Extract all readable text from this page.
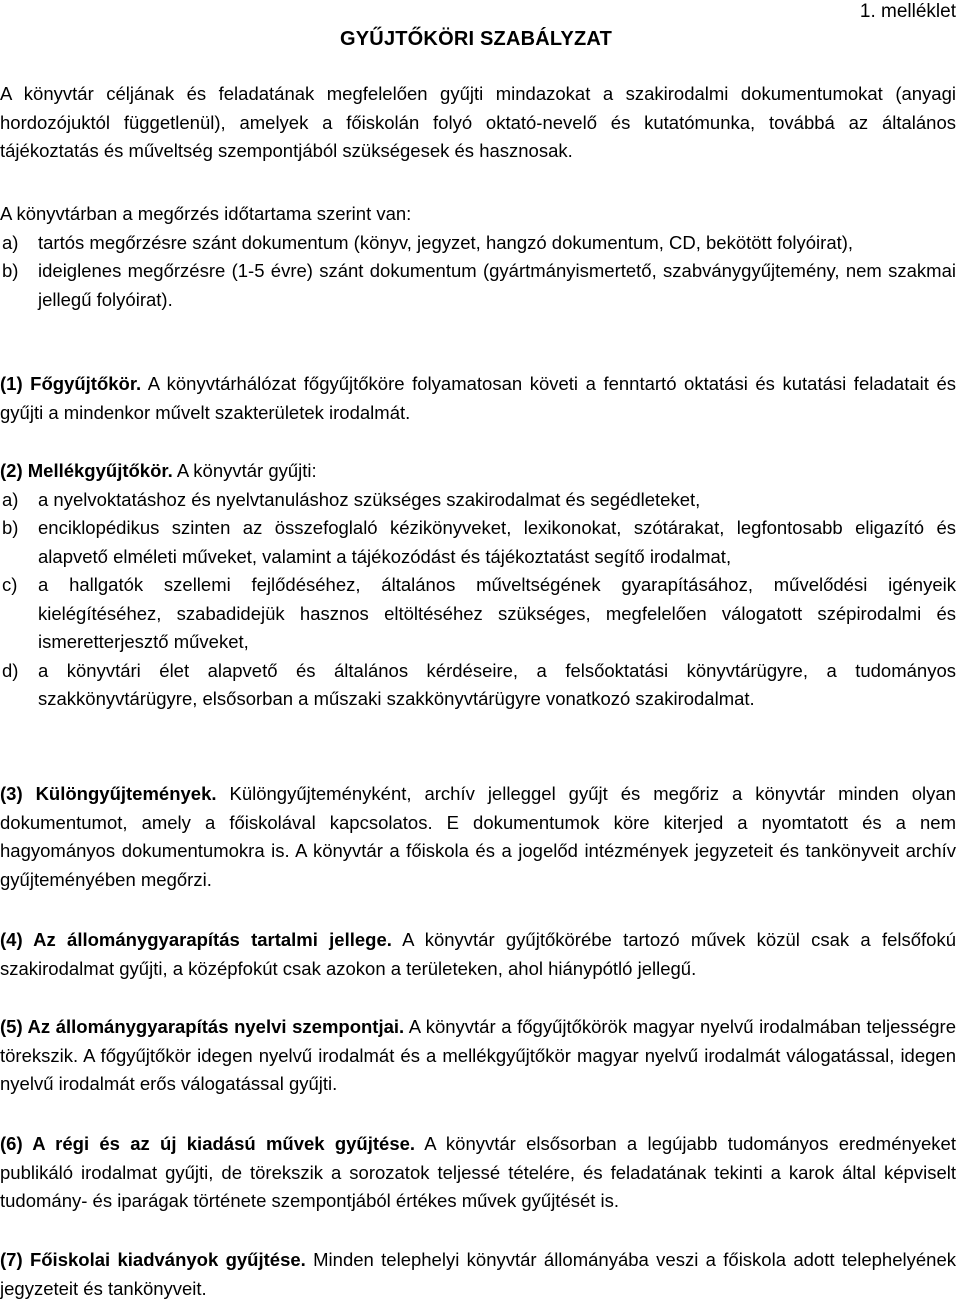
1. melléklet
GYŰJTŐKÖRI SZABÁLYZAT

A könyvtár céljának és feladatának megfelelően gyűjti mindazokat a szakirodalmi dokumentumokat (anyagi hordozójuktól függetlenül), amelyek a főiskolán folyó oktató-nevelő és kutatómunka, továbbá az általános tájékoztatás és műveltség szempontjából szükségesek és hasznosak.

A könyvtárban a megőrzés időtartama szerint van:
a)	tartós megőrzésre szánt dokumentum (könyv, jegyzet, hangzó dokumentum, CD, bekötött folyóirat),
b)	ideiglenes megőrzésre (1-5 évre) szánt dokumentum (gyártmányismertető, szabványgyűjtemény, nem szakmai jellegű folyóirat).

(1) Főgyűjtőkör. A könyvtárhálózat főgyűjtőköre folyamatosan követi a fenntartó oktatási és kutatási feladatait és gyűjti a mindenkor művelt szakterületek irodalmát.

(2) Mellékgyűjtőkör. A könyvtár gyűjti:
a)	a nyelvoktatáshoz és nyelvtanuláshoz szükséges szakirodalmat és segédleteket,
b)	enciklopédikus szinten az összefoglaló kézikönyveket, lexikonokat, szótárakat, legfontosabb eligazító és alapvető elméleti műveket, valamint a tájékozódást és tájékoztatást segítő irodalmat,
c)	a hallgatók szellemi fejlődéséhez, általános műveltségének gyarapításához, művelődési igényeik kielégítéséhez, szabadidejük hasznos eltöltéséhez szükséges, megfelelően válogatott szépirodalmi és ismeretterjesztő műveket,
d)	a könyvtári élet alapvető és általános kérdéseire, a felsőoktatási könyvtárügyre, a tudományos szakkönyvtárügyre, elsősorban a műszaki szakkönyvtárügyre vonatkozó szakirodalmat.

(3) Különgyűjtemények. Különgyűjteményként, archív jelleggel gyűjt és megőriz a könyvtár minden olyan dokumentumot, amely a főiskolával kapcsolatos. E dokumentumok köre kiterjed a nyomtatott és a nem hagyományos dokumentumokra is. A könyvtár a főiskola és a jogelőd intézmények jegyzeteit és tankönyveit archív gyűjteményében megőrzi.

(4) Az állománygyarapítás tartalmi jellege. A könyvtár gyűjtőkörébe tartozó művek közül csak a felsőfokú szakirodalmat gyűjti, a középfokút csak azokon a területeken, ahol hiánypótló jellegű.

(5) Az állománygyarapítás nyelvi szempontjai. A könyvtár a főgyűjtőkörök magyar nyelvű irodalmában teljességre törekszik. A főgyűjtőkör idegen nyelvű irodalmát és a mellékgyűjtőkör magyar nyelvű irodalmát válogatással, idegen nyelvű irodalmát erős válogatással gyűjti.

(6) A régi és az új kiadású művek gyűjtése. A könyvtár elsősorban a legújabb tudományos eredményeket publikáló irodalmat gyűjti, de törekszik a sorozatok teljessé tételére, és feladatának tekinti a karok által képviselt tudomány- és iparágak története szempontjából értékes művek gyűjtését is.

(7) Főiskolai kiadványok gyűjtése. Minden telephelyi könyvtár állományába veszi a főiskola adott telephelyének jegyzeteit és tankönyveit.
